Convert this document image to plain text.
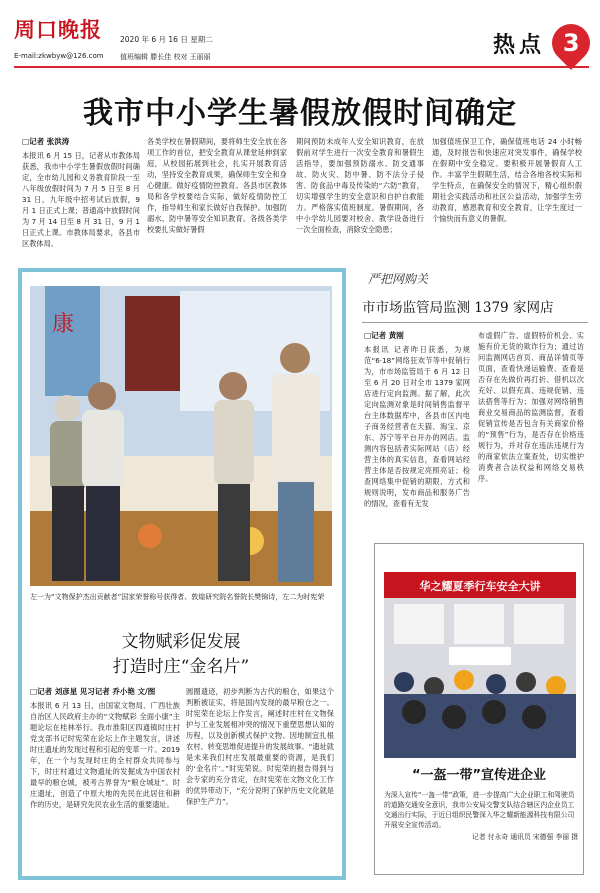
周口晚报
E-mail:zkwbyw@126.com
2020 年 6 月 16 日 星期二
值班编辑 滕长佳 校对 王丽丽	热点 3
我市中小学生暑假放假时间确定
□记者 张洪涛
本报讯 6 月 15 日，记者从市教体局获悉，我市中小学生暑假放假时间确定，全市幼儿园和义务教育阶段一至八年级放假时间为 7 月 5 日至 8 月 31 日，九年级中招考试后放假，9 月 1 日正式上课；普通高中放假时间为 7 月 14 日至 8 月 31 日，9 月 1 日正式上课。市教体局要求，各县市区教体局、
各类学校在暑假期间，要将师生安全放在各项工作的首位，把安全教育从课堂延伸到家庭，从校园拓展到社会，扎实开展教育活动，坚持安全教育成果，确保师生安全和身心健康。做好疫情防控教育。各县市区教体局和各学校要结合实际，做好疫情防控工作，指导师生和家长做好自我保护。加强防溺水、防中暑等安全知识教育。各级各类学校要扎实做好暑假
期间预防未成年人安全知识教育，在放假前对学生进行一次安全教育和暑假生活指导，要加强预防溺水、防交通事故、防火灾、防中暑、防不法分子侵害、防食品中毒及传染的“六防”教育，切实增强学生的安全意识和自护自救能力。严格落实值班制度。暑假期间，各中小学幼儿园要对校舍、教学设备进行一次全面检查，消除安全隐患；
加强值班保卫工作，确保值班电话 24 小时畅通，及时报告和快速应对突发事件，确保学校在假期中安全稳定。要积极开展暑假育人工作。丰富学生假期生活，结合各地各校实际和学生特点，在确保安全的情况下，精心组织假期社会实践活动和社区公益活动，加强学生劳动教育，感恩教育和安全教育，让学生度过一个愉快而有意义的暑假。
康
左一为“文物保护杰出贡献者”国家荣誉称号获得者、敦煌研究院名誉院长樊锦诗，左二为时宪荣
文物赋彩促发展
打造时庄“金名片”
□记者 刘彦星 见习记者 乔小艳 文/图
本报讯 6 月 13 日，由国家文物局、广西壮族自治区人民政府主办的“文物赋彩 全面小康”主题论坛在桂林举行。我市淮阳区四通镇时庄村党支部书记时宪荣在论坛上作主题发言，讲述时庄遗址的发现过程和引起的变革一片。2019 年，在一个与发现时庄的全村群众共同参与下，时庄村通过文物遗址的发掘成为中国农村最早的粮仓城，被考古界誉为“粮仓城址”。时庄遗址，创造了中原大地的先民在此居住和耕作的历史，是研究先民农业生活的重要遗址。
圆圈遗迹，初步判断为古代的粮仓，如果这个判断被证实，将是国内发现的最早粮仓之一。时宪荣在论坛上作发言，阐述时庄村在文物保护与工业发展相冲突的情况下重塑思想认知的历程，以及创新模式保护文物、因地制宜扎根农村、转变思维促进提升的发展故事。“遗址就是未来我们村庄发展最重要的资源，是我们的‘金名片’。”时宪荣说。时宪荣的报告得到与会专家的充分肯定，在时宪荣在文物文化工作的优异带动下，“充分说明了保护历史文化就是保护生产力”。
严把网购关
市市场监管局监测 1379 家网店
□记者 黄刚
本报讯 记者昨日获悉，为规范“6·18”网络狂欢节等中促销行为，市市场监管局于 6 月 12 日至 6 月 20 日对全市 1379 家网店进行定向监测。据了解，此次定向监测对象是时间销售监督平台主体数据库中，各县市区内电子商务经营者在天猫、淘宝、京东、苏宁等平台开办的网店。监测内容包括者实际网站（店）经营主体的真实信息，查看网站经营主体是否按规定亮照亮证；检查网络集中促销的期限、方式和规则说明，发布商品和服务广告的情况，查看有无发
布虚假广告、虚假特价机会、实施有价无货的欺诈行为；通过访问监测网店首页、商品详情页等页面，查看快递运输费、查看是否存在先做价再打折、借机以次充好、以假充真、违规促销、违法搭售等行为；加强对网络销售商业交易商品的监测监督，查看促销宣传是否包含有关商家价格的“预售”行为，是否存在价格违规行为，并对存在违法违规行为的商家依法立案查处，切实维护消费者合法权益和网络交易秩序。
华之耀夏季行车安全大讲
“一盔一带”宣传进企业
为深入宣传“一盔一带”政策，进一步提高广大企业职工和驾驶员的道路交通安全意识，我市公安局交警支队结合辖区内企业员工交通出行实际，于近日组织民警深入华之耀新能源科技有限公司开展安全宣传活动。
记者 付永奇 通讯员 宋德强 李丽 摄
